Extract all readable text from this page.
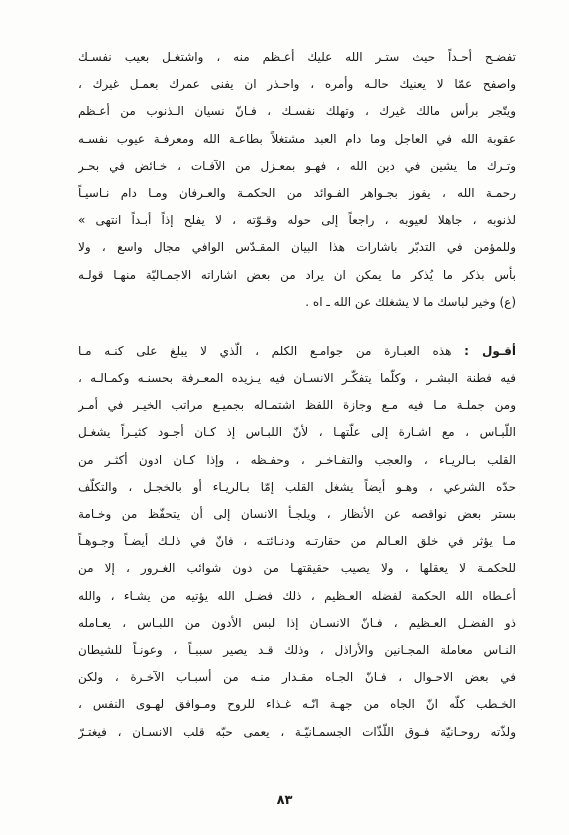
تفضـح أحـداً حيث ستـر الله عليك أعـظم منه ، واشتغـل بعيب نفسـك
واصفح عمّا لا يعنيك حالـه وأمره ، واحـذر ان يفنى عمرك بعمـل غيرك ،
ويتّجر برأس مالك غيرك ، وتهلك نفسـك ، فـانّ نسيان الـذنوب من أعـظم
عقوبة الله في العاجل وما دام العبد مشتغلاً بطاعـة الله ومعرفـة عيوب نفسـه
وتـرك ما يشين في دين الله ، فهـو بمعـزل من الآفـات ، خـائض في بحـر
رحمـة الله ، يفوز بجـواهر الفـوائد من الحكمـة والعـرفان ومـا دام نـاسيـاً
لذنوبه ، جاهلا لعيوبه ، راجعاً إلى حوله وقـوّته ، لا يفلح إذاً أبـداً انتهى »
وللمؤمن في التدبّر باشارات هذا البيان المقـدّس الوافي مجال واسع ، ولا
بأس بذكر ما يُذكر ما يمكن ان يراد من بعض اشاراته الاجمـاليّة منهـا قولـه
(ع) وخير لباسك ما لا يشغلك عن الله ـ اه .
أقـول : هذه العبـارة من جوامـع الكلم ، الّذي لا يبلغ على كنـه مـا
فيه فطنة البشـر ، وكلّما يتفكّـر الانسـان فيه يـزيده المعـرفة بحسنـه وكمـالـه ،
ومن جملـة مـا فيه مـع وجازة اللفظ اشتمـاله بجميـع مراتب الخيـر في أمـر
اللّبـاس ، مع اشـارة إلى علّتهـا ، لأنّ اللبـاس إذ كـان أجـود كثيـراً يشغـل
القلب بـالريـاء ، والعجب والتفـاخـر ، وحفـظه ، وإذا كـان ادون أكثـر من
حدّه الشرعي ، وهـو أيضاً يشغل القلب إمّا بـالريـاء أو بالخجـل ، والتكلّف
بستر بعض نواقصه عن الأنظار ، ويلجـأ الانسان إلى أن يتحفّظ من وخـامة
مـا يؤثر في خلق العـالم من حقارتـه ودنـائتـه ، فانّ في ذلـك أيضـاً وجـوهـاً
للحكمـة لا يعقلها ، ولا يصيب حقيقتهـا من دون شوائب الغـرور ، إلا من
أعـطاه الله الحكمة لفضله العـظيم ، ذلك فضـل الله يؤتيه من يشـاء ، والله
ذو الفضـل العـظيم ، فـانّ الانسـان إذا لبس الأدون من اللبـاس ، يعـامله
النـاس معاملة المجـانين والأراذل ، وذلك قـد يصير سببـاً ، وعونـاً للشيطان
في بعض الاحـوال ، فـانّ الجـاه مقـدار منـه من أسبـاب الآخـرة ، ولكن
الخـطب كلّه انّ الجاه من جهـة انّـه غـذاء للروح ومـوافق لهـوى النفس ،
ولذّته روحـانيّة فـوق اللّذّات الجسمـانيّـة ، يعمى حبّه قلب الانسـان ، فيغتـرّ
٨٣
